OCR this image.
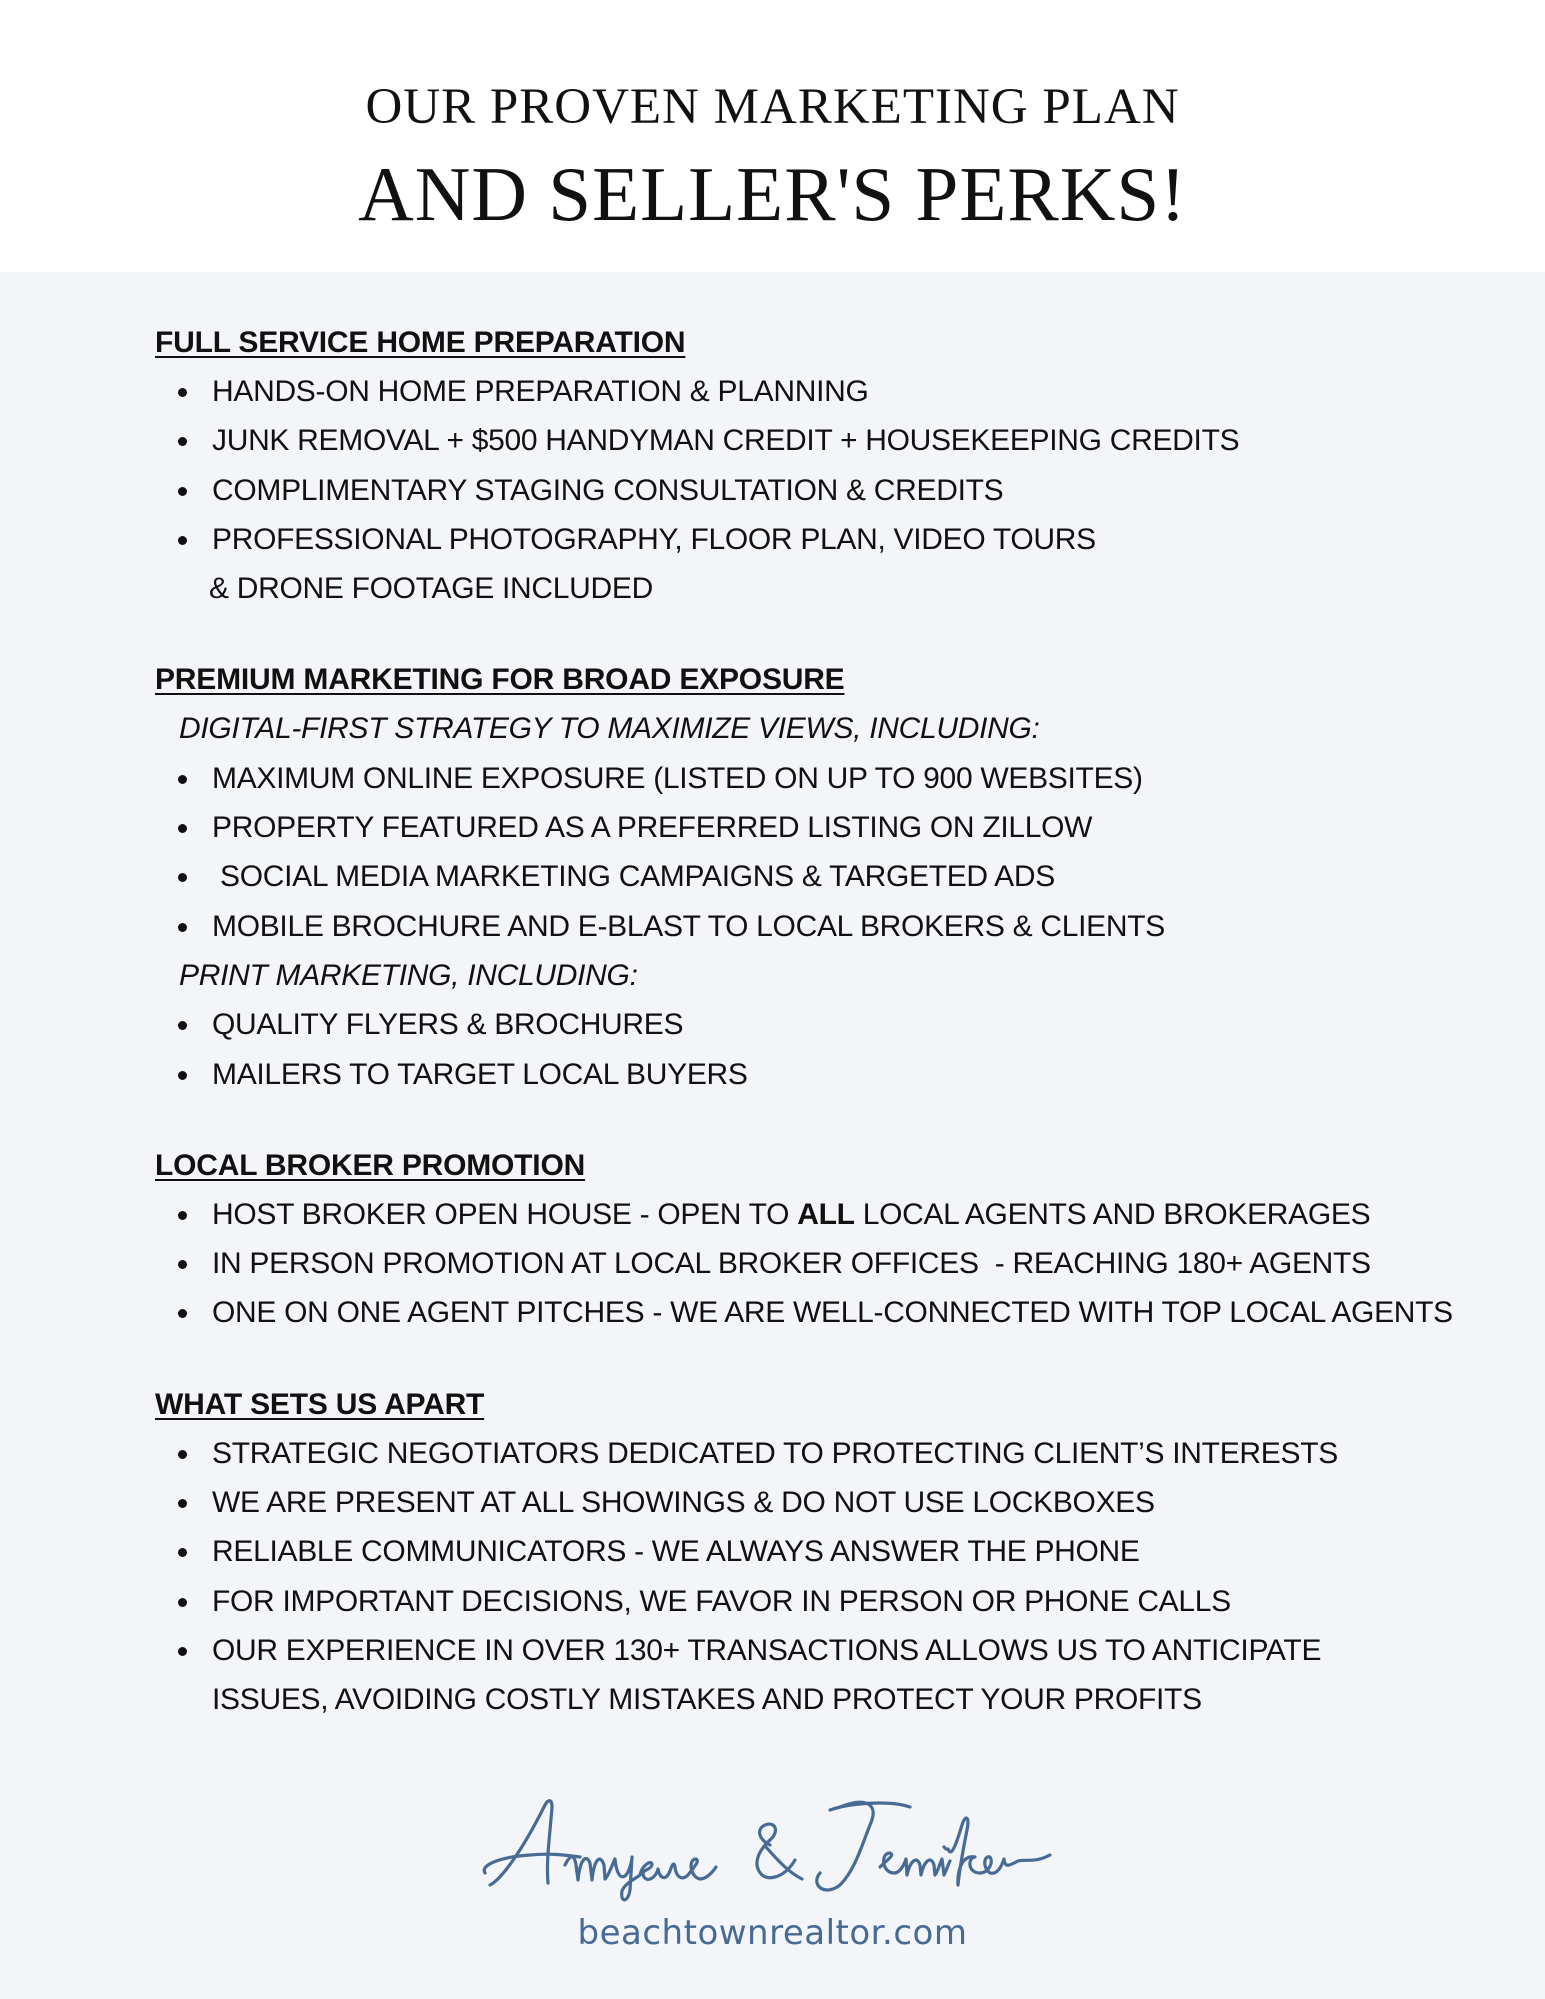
OUR PROVEN MARKETING PLAN
AND SELLER'S PERKS!
FULL SERVICE HOME PREPARATION
HANDS-ON HOME PREPARATION & PLANNING
JUNK REMOVAL + $500 HANDYMAN CREDIT + HOUSEKEEPING CREDITS
COMPLIMENTARY STAGING CONSULTATION & CREDITS
PROFESSIONAL PHOTOGRAPHY, FLOOR PLAN, VIDEO TOURS
& DRONE FOOTAGE INCLUDED
PREMIUM MARKETING FOR BROAD EXPOSURE
DIGITAL-FIRST STRATEGY TO MAXIMIZE VIEWS, INCLUDING:
MAXIMUM ONLINE EXPOSURE (LISTED ON UP TO 900 WEBSITES)
PROPERTY FEATURED AS A PREFERRED LISTING ON ZILLOW
SOCIAL MEDIA MARKETING CAMPAIGNS & TARGETED ADS
MOBILE BROCHURE AND E-BLAST TO LOCAL BROKERS & CLIENTS
PRINT MARKETING, INCLUDING:
QUALITY FLYERS & BROCHURES
MAILERS TO TARGET LOCAL BUYERS
LOCAL BROKER PROMOTION
HOST BROKER OPEN HOUSE - OPEN TO ALL LOCAL AGENTS AND BROKERAGES
IN PERSON PROMOTION AT LOCAL BROKER OFFICES  - REACHING 180+ AGENTS
ONE ON ONE AGENT PITCHES - WE ARE WELL-CONNECTED WITH TOP LOCAL AGENTS
WHAT SETS US APART
STRATEGIC NEGOTIATORS DEDICATED TO PROTECTING CLIENT’S INTERESTS
WE ARE PRESENT AT ALL SHOWINGS & DO NOT USE LOCKBOXES
RELIABLE COMMUNICATORS - WE ALWAYS ANSWER THE PHONE
FOR IMPORTANT DECISIONS, WE FAVOR IN PERSON OR PHONE CALLS
OUR EXPERIENCE IN OVER 130+ TRANSACTIONS ALLOWS US TO ANTICIPATE
ISSUES, AVOIDING COSTLY MISTAKES AND PROTECT YOUR PROFITS
beachtownrealtor.com
